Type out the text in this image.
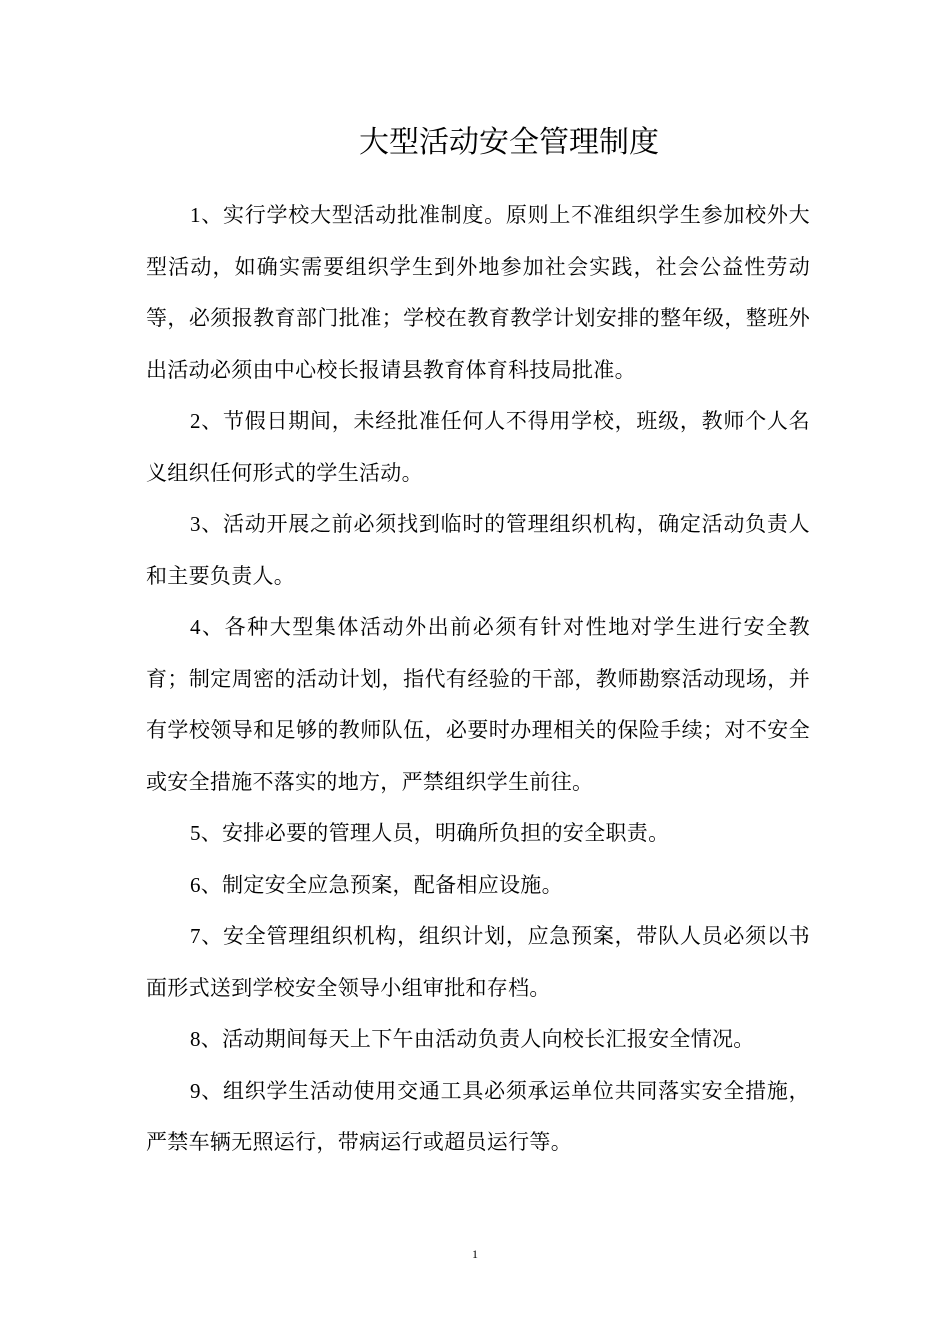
大型活动安全管理制度

1、实行学校大型活动批准制度。原则上不准组织学生参加校外大型活动，如确实需要组织学生到外地参加社会实践，社会公益性劳动等，必须报教育部门批准；学校在教育教学计划安排的整年级，整班外出活动必须由中心校长报请县教育体育科技局批准。

2、节假日期间，未经批准任何人不得用学校，班级，教师个人名义组织任何形式的学生活动。

3、活动开展之前必须找到临时的管理组织机构，确定活动负责人和主要负责人。

4、各种大型集体活动外出前必须有针对性地对学生进行安全教育；制定周密的活动计划，指代有经验的干部，教师勘察活动现场，并有学校领导和足够的教师队伍，必要时办理相关的保险手续；对不安全或安全措施不落实的地方，严禁组织学生前往。

5、安排必要的管理人员，明确所负担的安全职责。

6、制定安全应急预案，配备相应设施。

7、安全管理组织机构，组织计划，应急预案，带队人员必须以书面形式送到学校安全领导小组审批和存档。

8、活动期间每天上下午由活动负责人向校长汇报安全情况。

9、组织学生活动使用交通工具必须承运单位共同落实安全措施，严禁车辆无照运行，带病运行或超员运行等。

1
